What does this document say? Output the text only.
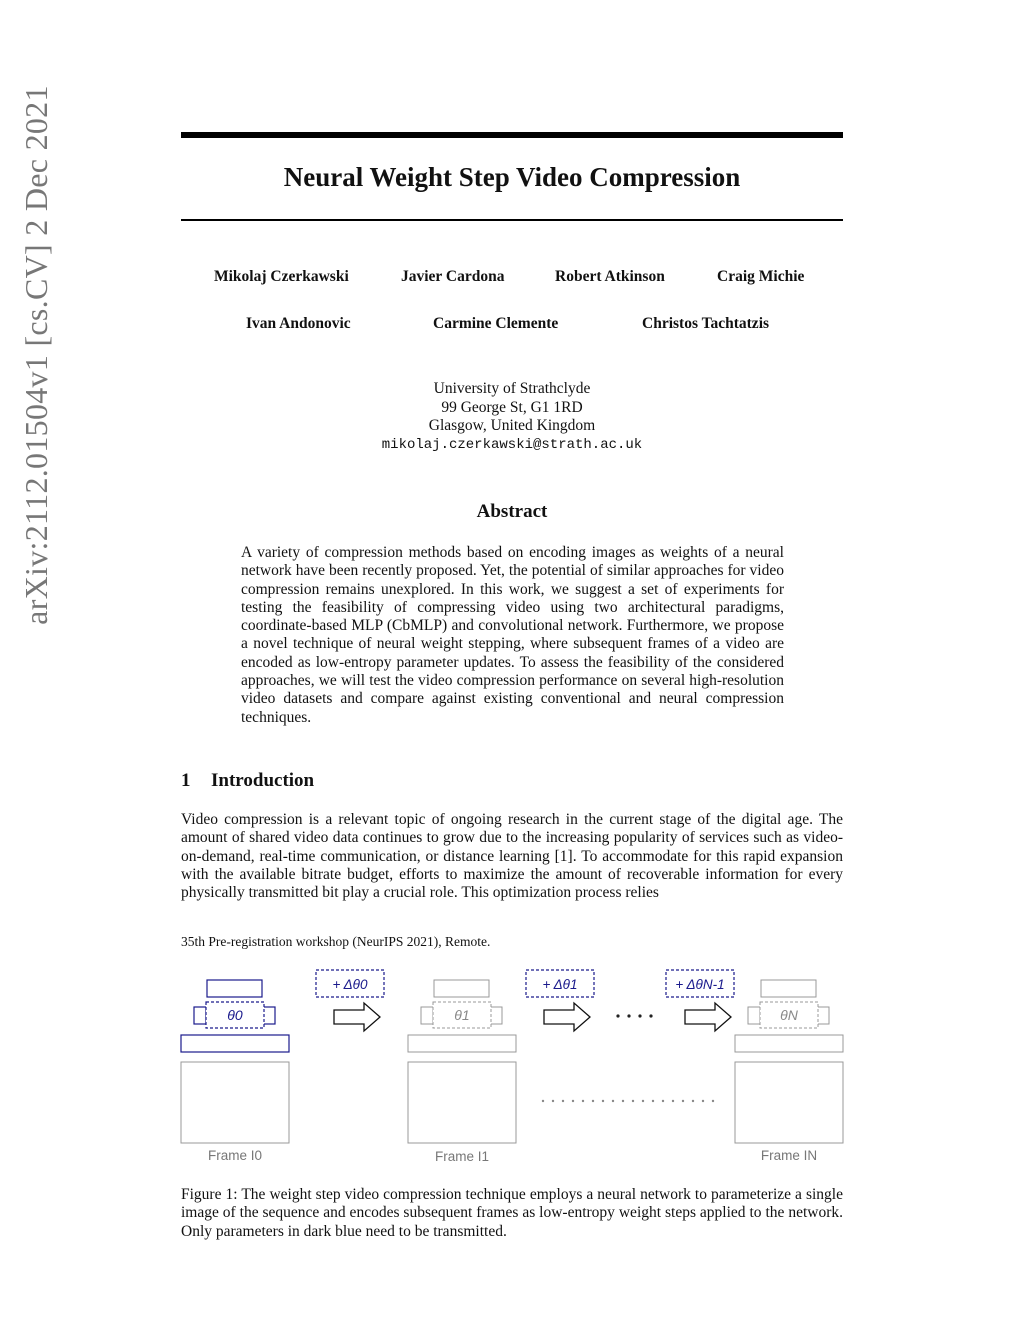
arXiv:2112.01504v1 [cs.CV] 2 Dec 2021	Neural Weight Step Video Compression
Mikolaj Czerkawski	Javier Cardona	Robert Atkinson	Craig Michie
Ivan Andonovic	Carmine Clemente	Christos Tachtatzis
University of Strathclyde
99 George St, G1 1RD
Glasgow, United Kingdom
mikolaj.czerkawski@strath.ac.uk
Abstract
A variety of compression methods based on encoding images as weights of a neural network have been recently proposed. Yet, the potential of similar approaches for video compression remains unexplored. In this work, we suggest a set of experiments for testing the feasibility of compressing video using two architectural paradigms, coordinate-based MLP (CbMLP) and convolutional network. Furthermore, we propose a novel technique of neural weight stepping, where subsequent frames of a video are encoded as low-entropy parameter updates. To assess the feasibility of the considered approaches, we will test the video compression performance on several high-resolution video datasets and compare against existing conventional and neural compression techniques.
1 Introduction
Video compression is a relevant topic of ongoing research in the current stage of the digital age. The amount of shared video data continues to grow due to the increasing popularity of services such as video-on-demand, real-time communication, or distance learning [1]. To accommodate for this rapid expansion with the available bitrate budget, efforts to maximize the amount of recoverable information for every physically transmitted bit play a crucial role. This optimization process relies
35th Pre-registration workshop (NeurIPS 2021), Remote.
θ0
Frame I0
+ Δθ0
θ1
Frame I1
+ Δθ1	+ ΔθN-1
θN
Frame IN
Figure 1: The weight step video compression technique employs a neural network to parameterize a single image of the sequence and encodes subsequent frames as low-entropy weight steps applied to the network. Only parameters in dark blue need to be transmitted.
